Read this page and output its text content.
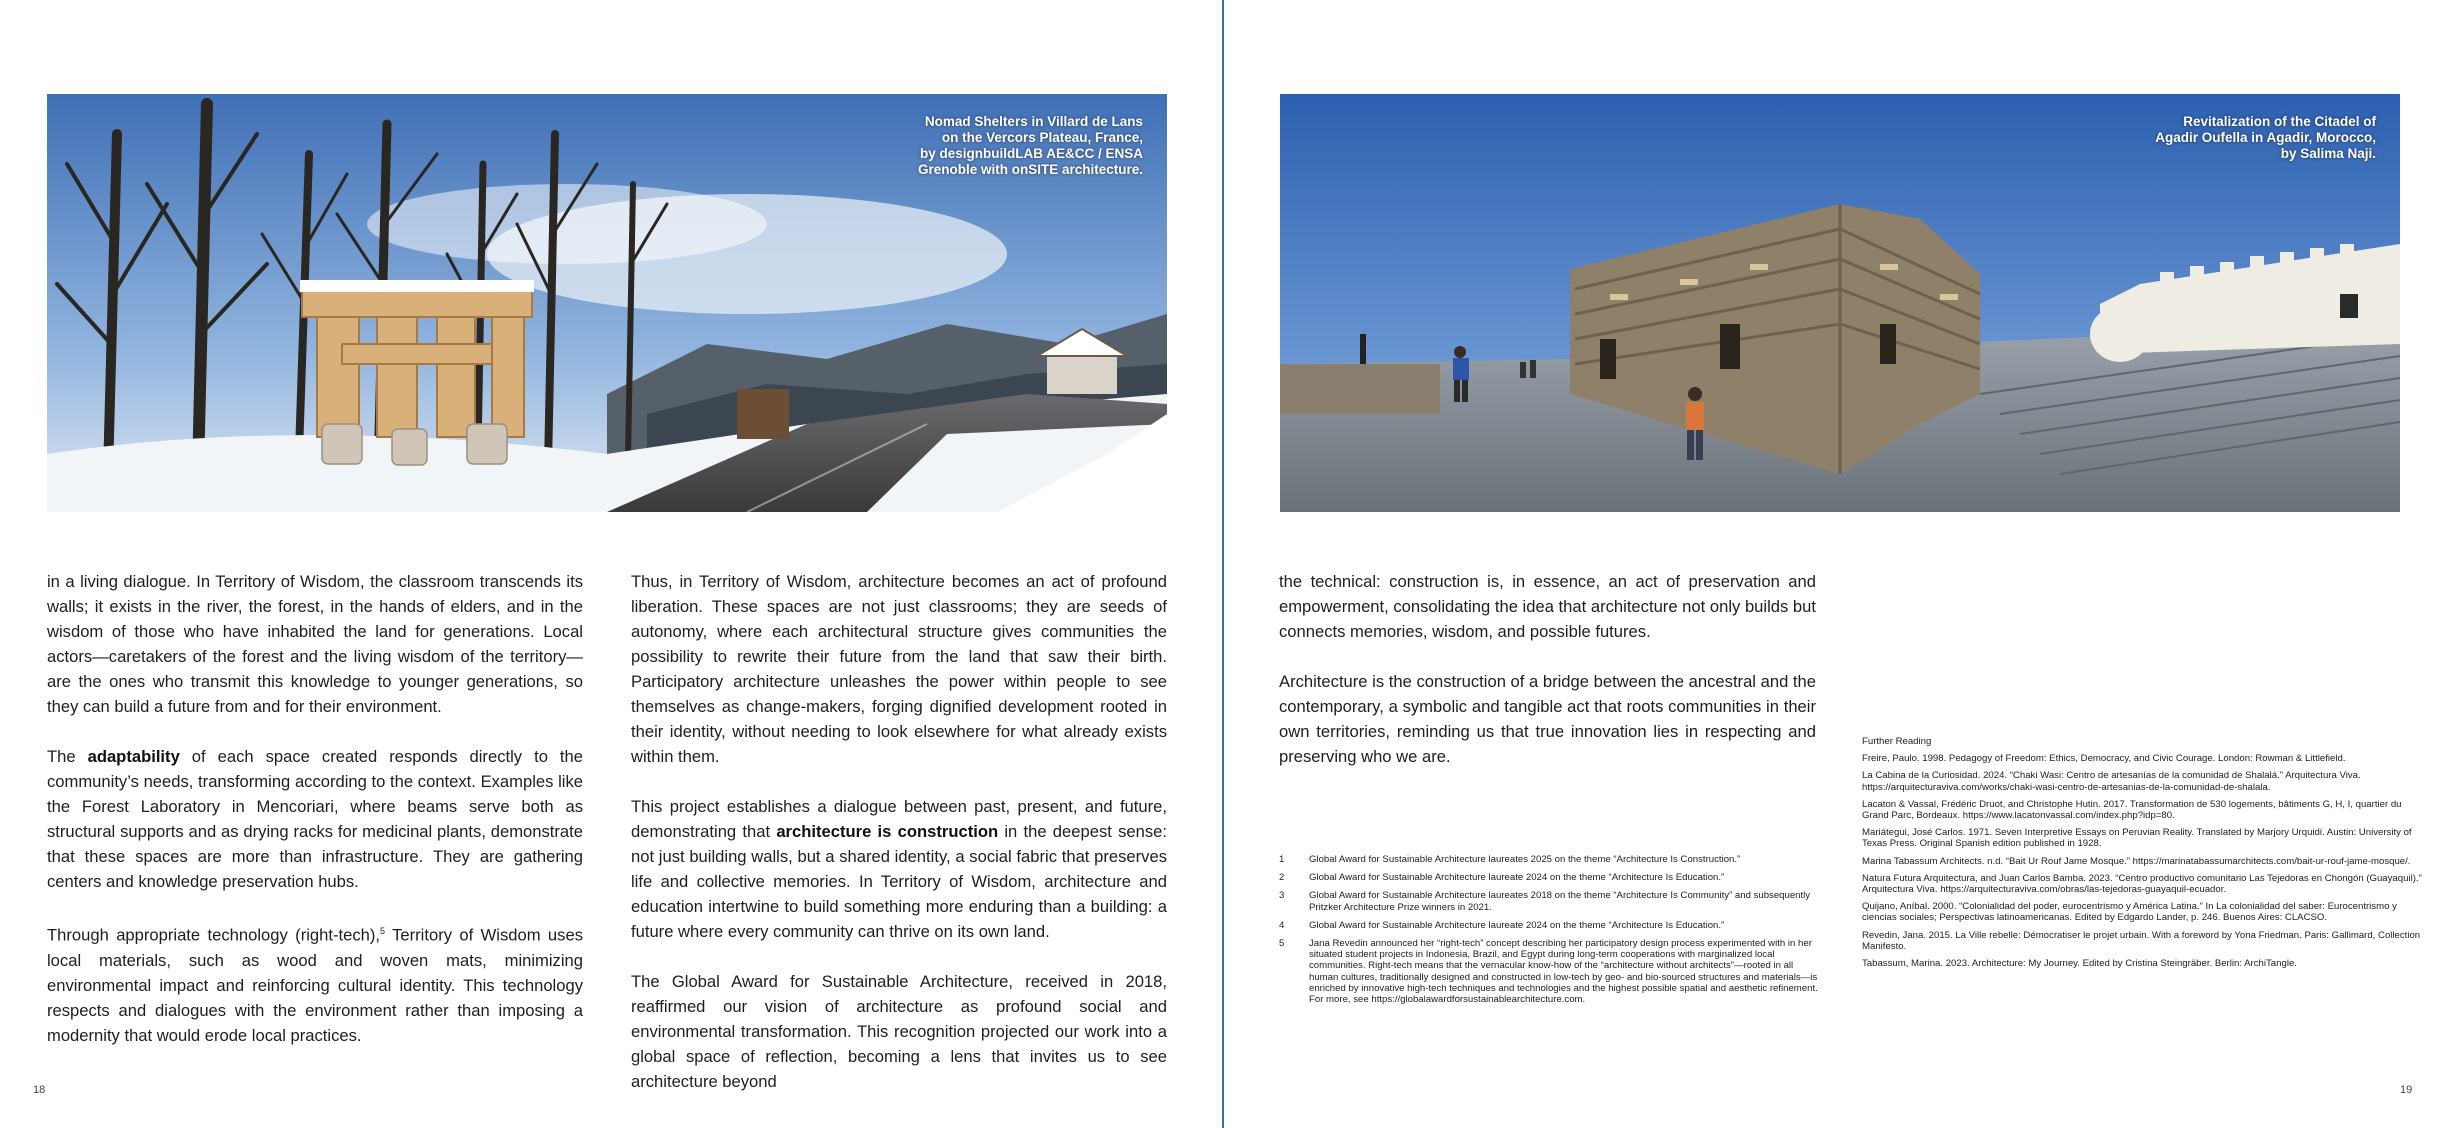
Nomad Shelters in Villard de Lans
on the Vercors Plateau, France,
by designbuildLAB AE&CC / ENSA
Grenoble with onSITE architecture.
Revitalization of the Citadel of
Agadir Oufella in Agadir, Morocco,
by Salima Naji.

in a living dialogue. In Territory of Wisdom, the classroom transcends its walls; it exists in the river, the forest, in the hands of elders, and in the wisdom of those who have inhabited the land for generations. Local actors—caretakers of the forest and the living wisdom of the territory—are the ones who transmit this knowledge to younger generations, so they can build a future from and for their environment.

The adaptability of each space created responds directly to the community’s needs, transforming according to the context. Examples like the Forest Laboratory in Mencoriari, where beams serve both as structural supports and as drying racks for medicinal plants, demonstrate that these spaces are more than infrastructure. They are gathering centers and knowledge preservation hubs.

Through appropriate technology (right-tech),$^5$ Territory of Wisdom uses local materials, such as wood and woven mats, minimizing environmental impact and reinforcing cultural identity. This technology respects and dialogues with the environment rather than imposing a modernity that would erode local practices.

Thus, in Territory of Wisdom, architecture becomes an act of profound liberation. These spaces are not just classrooms; they are seeds of autonomy, where each architectural structure gives communities the possibility to rewrite their future from the land that saw their birth. Participatory architecture unleashes the power within people to see themselves as change-makers, forging dignified development rooted in their identity, without needing to look elsewhere for what already exists within them.

This project establishes a dialogue between past, present, and future, demonstrating that architecture is construction in the deepest sense: not just building walls, but a shared identity, a social fabric that preserves life and collective memories. In Territory of Wisdom, architecture and education intertwine to build something more enduring than a building: a future where every community can thrive on its own land.

The Global Award for Sustainable Architecture, received in 2018, reaffirmed our vision of architecture as profound social and environmental transformation. This recognition projected our work into a global space of reflection, becoming a lens that invites us to see architecture beyond

the technical: construction is, in essence, an act of preservation and empowerment, consolidating the idea that architecture not only builds but connects memories, wisdom, and possible futures.

Architecture is the construction of a bridge between the ancestral and the contemporary, a symbolic and tangible act that roots communities in their own territories, reminding us that true innovation lies in respecting and preserving who we are.

1	Global Award for Sustainable Architecture laureates 2025 on the theme “Architecture Is Construction.”
2	Global Award for Sustainable Architecture laureate 2024 on the theme “Architecture Is Education.”
3	Global Award for Sustainable Architecture laureates 2018 on the theme “Architecture Is Community” and subsequently Pritzker Architecture Prize winners in 2021.
4	Global Award for Sustainable Architecture laureate 2024 on the theme “Architecture Is Education.”
5	Jana Revedin announced her “right-tech” concept describing her participatory design process experimented with in her situated student projects in Indonesia, Brazil, and Egypt during long-term cooperations with marginalized local communities. Right-tech means that the vernacular know-how of the “architecture without architects”—rooted in all human cultures, traditionally designed and constructed in low-tech by geo- and bio-sourced structures and materials—is enriched by innovative high-tech techniques and technologies and the highest possible spatial and aesthetic refinement. For more, see https://globalawardforsustainablearchitecture.com.
Further Reading
Freire, Paulo. 1998. Pedagogy of Freedom: Ethics, Democracy, and Civic Courage. London: Rowman & Littlefield.
La Cabina de la Curiosidad. 2024. “Chaki Wasi: Centro de artesanías de la comunidad de Shalalá.” Arquitectura Viva. https://arquitecturaviva.com/works/chaki-wasi-centro-de-artesanias-de-la-comunidad-de-shalala.
Lacaton & Vassal, Frédéric Druot, and Christophe Hutin. 2017. Transformation de 530 logements, bâtiments G, H, I, quartier du Grand Parc, Bordeaux. https://www.lacatonvassal.com/index.php?idp=80.
Mariátegui, José Carlos. 1971. Seven Interpretive Essays on Peruvian Reality. Translated by Marjory Urquidi. Austin: University of Texas Press. Original Spanish edition published in 1928.
Marina Tabassum Architects. n.d. “Bait Ur Rouf Jame Mosque.” https://marinatabassumarchitects.com/bait-ur-rouf-jame-mosque/.
Natura Futura Arquitectura, and Juan Carlos Bamba. 2023. “Centro productivo comunitario Las Tejedoras en Chongón (Guayaquil).” Arquitectura Viva. https://arquitecturaviva.com/obras/las-tejedoras-guayaquil-ecuador.
Quijano, Aníbal. 2000. “Colonialidad del poder, eurocentrismo y América Latina.” In La colonialidad del saber: Eurocentrismo y ciencias sociales; Perspectivas latinoamericanas. Edited by Edgardo Lander, p. 246. Buenos Aires: CLACSO.
Revedin, Jana. 2015. La Ville rebelle: Démocratiser le projet urbain. With a foreword by Yona Friedman. Paris: Gallimard, Collection Manifesto.
Tabassum, Marina. 2023. Architecture: My Journey. Edited by Cristina Steingräber. Berlin: ArchiTangle.
18	19
